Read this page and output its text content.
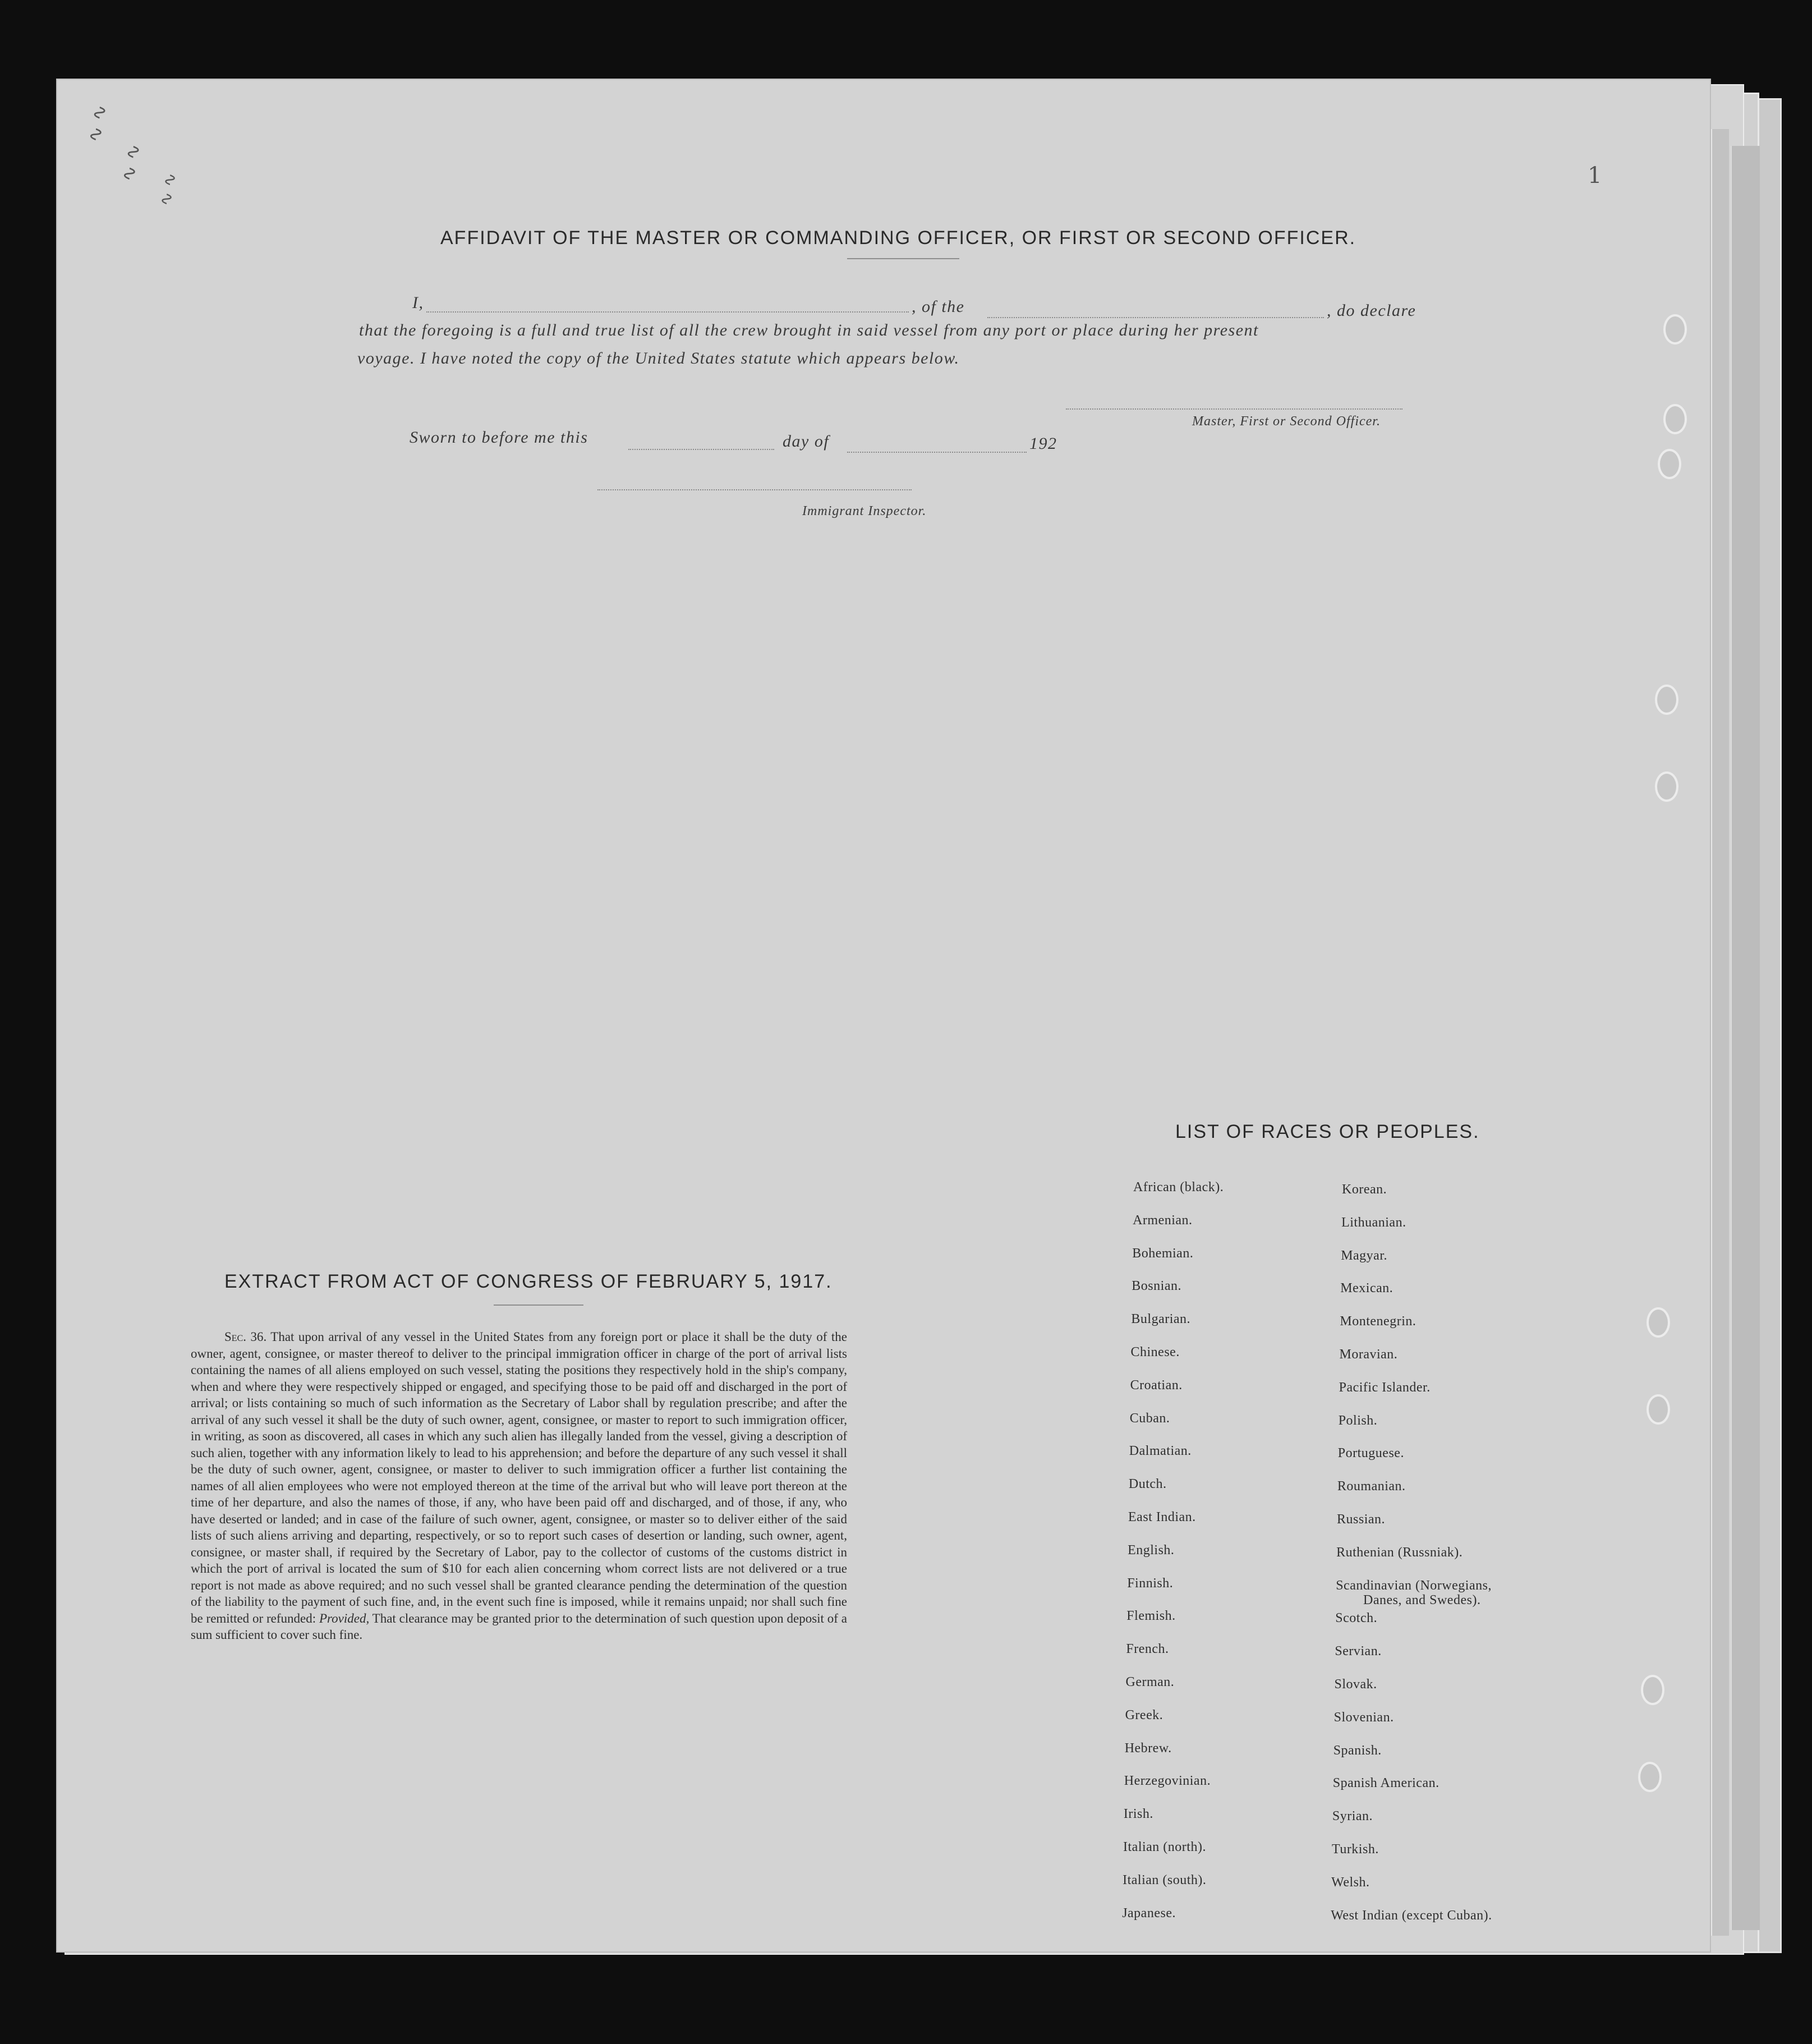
∿ ∿
∿ ∿
∿ ∿	1
AFFIDAVIT OF THE MASTER OR COMMANDING OFFICER, OR FIRST OR SECOND OFFICER.
I,	, of the	, do declare
that the foregoing is a full and true list of all the crew brought in said vessel from any port or place during her present
voyage. I have noted the copy of the United States statute which appears below.
Master, First or Second Officer.
Sworn to before me this	day of	192
Immigrant Inspector.
EXTRACT FROM ACT OF CONGRESS OF FEBRUARY 5, 1917.
Sec. 36. That upon arrival of any vessel in the United States from any foreign port or place it shall be the duty of the owner, agent, consignee, or master thereof to deliver to the principal immigration officer in charge of the port of arrival lists containing the names of all aliens employed on such vessel, stating the positions they respectively hold in the ship's company, when and where they were respectively shipped or engaged, and specifying those to be paid off and discharged in the port of arrival; or lists containing so much of such information as the Secretary of Labor shall by regulation prescribe; and after the arrival of any such vessel it shall be the duty of such owner, agent, consignee, or master to report to such immigration officer, in writing, as soon as discovered, all cases in which any such alien has illegally landed from the vessel, giving a description of such alien, together with any information likely to lead to his apprehension; and before the departure of any such vessel it shall be the duty of such owner, agent, consignee, or master to deliver to such immigration officer a further list containing the names of all alien employees who were not employed thereon at the time of the arrival but who will leave port thereon at the time of her departure, and also the names of those, if any, who have been paid off and discharged, and of those, if any, who have deserted or landed; and in case of the failure of such owner, agent, consignee, or master so to deliver either of the said lists of such aliens arriving and departing, respectively, or so to report such cases of desertion or landing, such owner, agent, consignee, or master shall, if required by the Secretary of Labor, pay to the collector of customs of the customs district in which the port of arrival is located the sum of $10 for each alien concerning whom correct lists are not delivered or a true report is not made as above required; and no such vessel shall be granted clearance pending the determination of the question of the liability to the payment of such fine, and, in the event such fine is imposed, while it remains unpaid; nor shall such fine be remitted or refunded: Provided, That clearance may be granted prior to the determination of such question upon deposit of a sum sufficient to cover such fine.
LIST OF RACES OR PEOPLES.
African (black).
Armenian.
Bohemian.
Bosnian.
Bulgarian.
Chinese.
Croatian.
Cuban.
Dalmatian.
Dutch.
East Indian.
English.
Finnish.
Flemish.
French.
German.
Greek.
Hebrew.
Herzegovinian.
Irish.
Italian (north).
Italian (south).
Japanese.
Korean.
Lithuanian.
Magyar.
Mexican.
Montenegrin.
Moravian.
Pacific Islander.
Polish.
Portuguese.
Roumanian.
Russian.
Ruthenian (Russniak).
Scandinavian (Norwegians,
Danes, and Swedes).
Scotch.
Servian.
Slovak.
Slovenian.
Spanish.
Spanish American.
Syrian.
Turkish.
Welsh.
West Indian (except Cuban).
